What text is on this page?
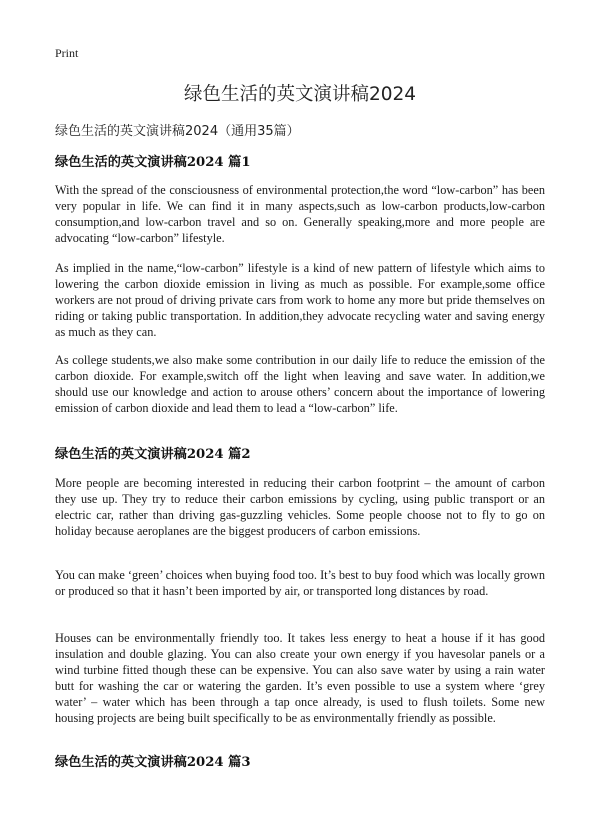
Print
绿色生活的英文演讲稿2024
绿色生活的英文演讲稿2024（通用35篇）
绿色生活的英文演讲稿2024 篇1

With the spread of the consciousness of environmental protection,the word “low-carbon” has been very popular in life. We can find it in many aspects,such as low-carbon products,low-carbon consumption,and low-carbon travel and so on. Generally speaking,more and more people are advocating “low-carbon” lifestyle.

As implied in the name,“low-carbon” lifestyle is a kind of new pattern of lifestyle which aims to lowering the carbon dioxide emission in living as much as possible. For example,some office workers are not proud of driving private cars from work to home any more but pride themselves on riding or taking public transportation. In addition,they advocate recycling water and saving energy as much as they can.

As college students,we also make some contribution in our daily life to reduce the emission of the carbon dioxide. For example,switch off the light when leaving and save water. In addition,we should use our knowledge and action to arouse others’ concern about the importance of lowering emission of carbon dioxide and lead them to lead a “low-carbon” life.

绿色生活的英文演讲稿2024 篇2

More people are becoming interested in reducing their carbon footprint – the amount of carbon they use up. They try to reduce their carbon emissions by cycling, using public transport or an electric car, rather than driving gas-guzzling vehicles. Some people choose not to fly to go on holiday because aeroplanes are the biggest producers of carbon emissions.

You can make ‘green’ choices when buying food too. It’s best to buy food which was locally grown or produced so that it hasn’t been imported by air, or transported long distances by road.

Houses can be environmentally friendly too. It takes less energy to heat a house if it has good insulation and double glazing. You can also create your own energy if you havesolar panels or a wind turbine fitted though these can be expensive. You can also save water by using a rain water butt for washing the car or watering the garden. It’s even possible to use a system where ‘grey water’ – water which has been through a tap once already, is used to flush toilets. Some new housing projects are being built specifically to be as environmentally friendly as possible.

绿色生活的英文演讲稿2024 篇3
